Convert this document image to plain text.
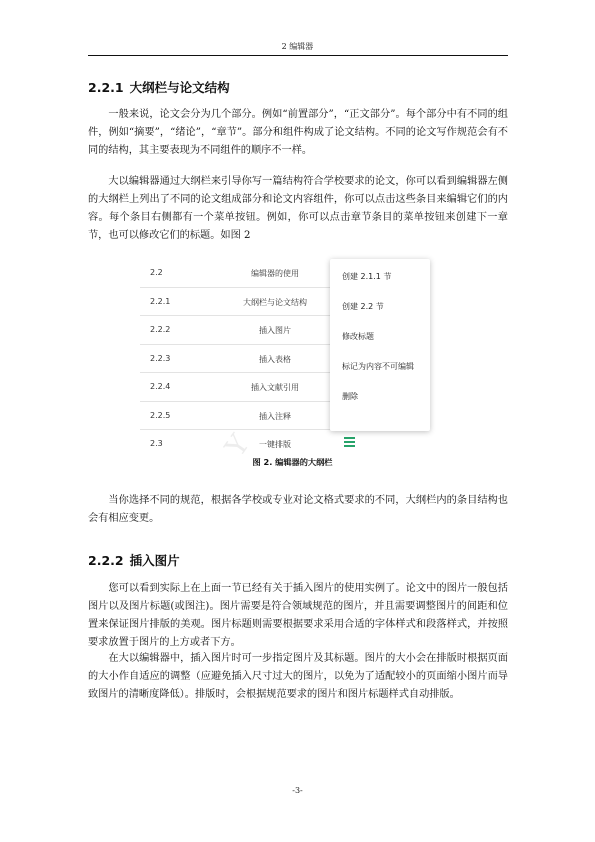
2 编辑器
2.2.1 大纲栏与论文结构

一般来说，论文会分为几个部分。例如“前置部分”，“正文部分”。每个部分中有不同的组件，例如“摘要”，“绪论”，“章节”。部分和组件构成了论文结构。不同的论文写作规范会有不同的结构，其主要表现为不同组件的顺序不一样。

大以编辑器通过大纲栏来引导你写一篇结构符合学校要求的论文，你可以看到编辑器左侧的大纲栏上列出了不同的论文组成部分和论文内容组件，你可以点击这些条目来编辑它们的内容。每个条目右侧都有一个菜单按钮。例如，你可以点击章节条目的菜单按钮来创建下一章节，也可以修改它们的标题。如图 2

2.2	编辑器的使用
2.2.1	大纲栏与论文结构
2.2.2	插入图片
2.2.3	插入表格
2.2.4	插入文献引用
2.2.5	插入注释
2.3	一键排版
创建 2.1.1 节
创建 2.2 节
修改标题
标记为内容不可编辑
删除
Y
图 2. 编辑器的大纲栏

当你选择不同的规范，根据各学校或专业对论文格式要求的不同，大纲栏内的条目结构也会有相应变更。

2.2.2 插入图片

您可以看到实际上在上面一节已经有关于插入图片的使用实例了。论文中的图片一般包括图片以及图片标题(或图注)。图片需要是符合领域规范的图片，并且需要调整图片的间距和位置来保证图片排版的美观。图片标题则需要根据要求采用合适的字体样式和段落样式，并按照要求放置于图片的上方或者下方。

在大以编辑器中，插入图片时可一步指定图片及其标题。图片的大小会在排版时根据页面的大小作自适应的调整（应避免插入尺寸过大的图片，以免为了适配较小的页面缩小图片而导致图片的清晰度降低）。排版时，会根据规范要求的图片和图片标题样式自动排版。

-3-
